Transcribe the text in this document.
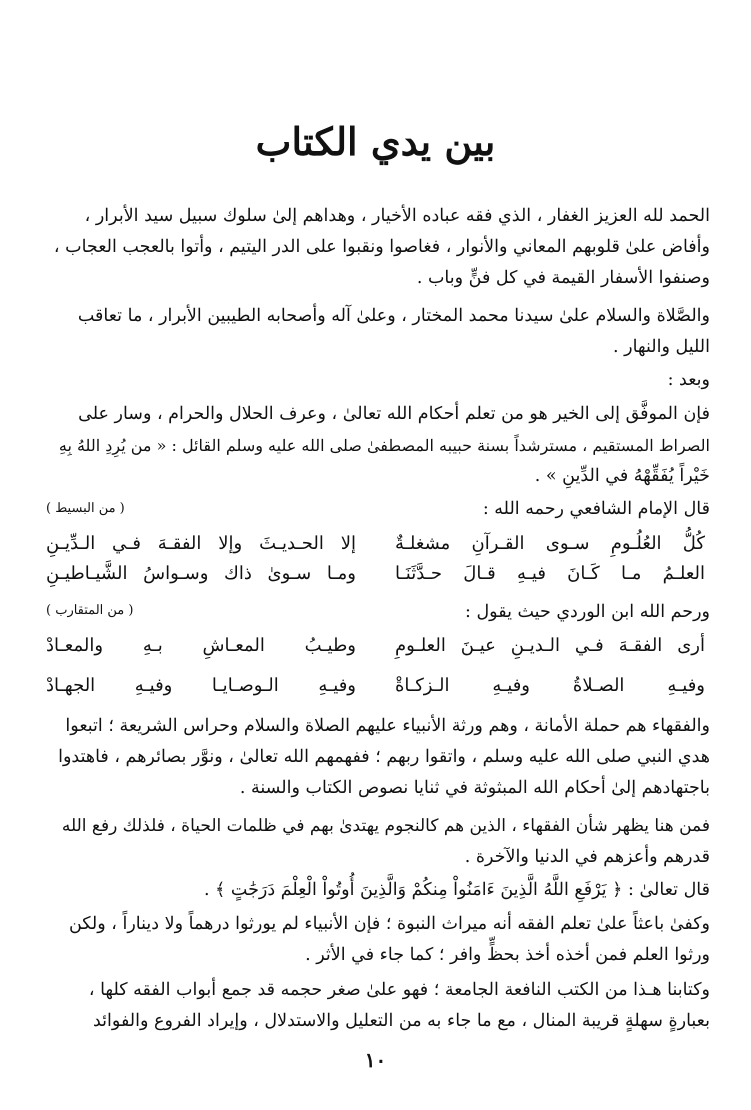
بين يدي الكتاب
الحمد لله العزيز الغفار ، الذي فقه عباده الأخيار ، وهداهم إلىٰ سلوك سبيل سيد الأبرار ،
وأفاض علىٰ قلوبهم المعاني والأنوار ، فغاصوا ونقبوا على الدر اليتيم ، وأتوا بالعجب العجاب ،
وصنفوا الأسفار القيمة في كل فنٍّ وباب .
والصَّلاة والسلام علىٰ سيدنا محمد المختار ، وعلىٰ آله وأصحابه الطيبين الأبرار ، ما تعاقب
الليل والنهار .
وبعد :
فإن الموفَّق إلى الخير هو من تعلم أحكام الله تعالىٰ ، وعرف الحلال والحرام ، وسار على
الصراط المستقيم ، مسترشداً بسنة حبيبه المصطفىٰ صلى الله عليه وسلم القائل : « من يُرِدِ اللهُ بِهِ
خَيْراً يُفَقِّهْهُ في الدِّينِ » .
قال الإمام الشافعي رحمه الله :
( من البسيط )
كُلُّ العُلُـومِ سـوى القـرآنِ مشغلـةٌ
إلا الحـديـثَ وإلا الفقـهَ فـي الـدِّيـنِ
العلـمُ مـا كَـانَ فيـهِ قـالَ حـدَّثَنَـا
ومـا سـوىٰ ذاك وسـواسُ الشَّيـاطيـنِ
ورحم الله ابن الوردي حيث يقول :
( من المتقارب )
أرى الفقـهَ فـي الـديـنِ عيـنَ العلـومِ
وطيـبُ المعـاشِ بـهِ والمعـادْ
وفيـهِ الصـلاةُ وفيـهِ الـزكـاةْ
وفيـهِ الـوصـايـا وفيـهِ الجهـادْ
والفقهاء هم حملة الأمانة ، وهم ورثة الأنبياء عليهم الصلاة والسلام وحراس الشريعة ؛ اتبعوا
هدي النبي صلى الله عليه وسلم ، واتقوا ربهم ؛ ففهمهم الله تعالىٰ ، ونوَّر بصائرهم ، فاهتدوا
باجتهادهم إلىٰ أحكام الله المبثوثة في ثنايا نصوص الكتاب والسنة .
فمن هنا يظهر شأن الفقهاء ، الذين هم كالنجوم يهتدىٰ بهم في ظلمات الحياة ، فلذلك رفع الله
قدرهم وأعزهم في الدنيا والآخرة .
قال تعالىٰ : ﴿ يَرْفَعِ اللَّهُ الَّذِينَ ءَامَنُواْ مِنكُمْ وَالَّذِينَ أُوتُواْ الْعِلْمَ دَرَجَٰتٍ ﴾ .
وكفىٰ باعثاً علىٰ تعلم الفقه أنه ميراث النبوة ؛ فإن الأنبياء لم يورثوا درهماً ولا ديناراً ، ولكن
ورثوا العلم فمن أخذه أخذ بحظٍّ وافر ؛ كما جاء في الأثر .
وكتابنا هـذا من الكتب النافعة الجامعة ؛ فهو علىٰ صغر حجمه قد جمع أبواب الفقه كلها ،
بعبارةٍ سهلةٍ قريبة المنال ، مع ما جاء به من التعليل والاستدلال ، وإيراد الفروع والفوائد
١٠
